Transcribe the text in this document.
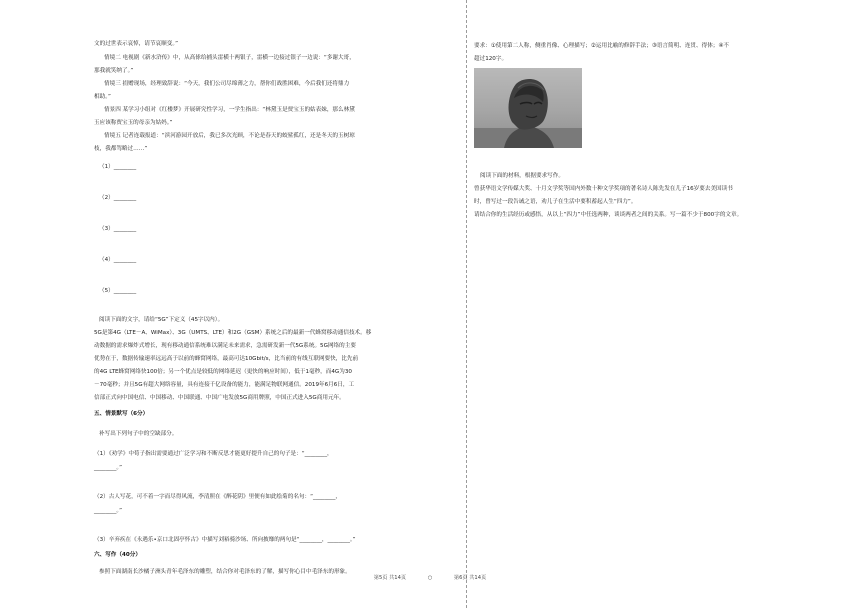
文的过世表示哀悼，请节哀顺变。”
情境二 电视剧《新水浒传》中，从高俅给捕头雷横十两银子，雷横一边接过银子一边说：“多谢大哥，
那我就笑纳了。”
情境三 捐赠现场，经理致辞说：“今天，我们公司尽绵薄之力，帮你们战胜困难，今后我们还将鼎力
相助。”
情景四 某学习小组对《红楼梦》开展研究性学习，一学生指出：“林黛玉是贾宝玉的姑表妹，那么林黛
玉应该称贾宝玉的母亲为姑妈。”
情境五 记者连载报道：“滨河游园开放后，我已多次光顾，不论是春天的蛟鲨孤红，还是冬天的玉树琼
枝，我都驾略过……”
（1）________
（2）________
（3）________
（4）________
（5）________
阅读下面的文字，请给“5G”下定义（45字以内）。
5G是第4G（LTE－A、WiMax）、3G（UMTS、LTE）和2G（GSM）系统之后的最新一代蜂窝移动通信技术。移
动数据的需求爆炸式增长，现有移动通信系统难以满足未来需求，急需研发新一代5G系统。5G网络的主要
优势在于，数据传输速率远远高于以前的蜂窝网络，最高可达10Gbit/s，比当前的有线互联网要快，比先前
的4G LTE蜂窝网络快100倍；另一个优点是较低的网络延迟（更快的响应时间），低于1毫秒，而4G为30
－70毫秒；并且5G有超大网络容量，具有连接千亿设备的能力，能满足物联网通信。2019年6月6日，工
信部正式向中国电信、中国移动、中国联通、中国广电发放5G商用牌照，中国正式进入5G商用元年。
五、情景默写（6分）
补写出下列句子中的空缺部分。
（1）《劝学》中荀子指出需要通过广泛学习和不断反思才能更好提升自己的句子是：“________，
________。”
（2）古人写花，可不着一字而尽得风流，李清照在《醉花阴》里便有如此绘菊的名句：“________，
________。”
（3）辛弃疾在《永遇乐•京口北固亭怀古》中描写刘裕骑沙场、所向披靡的两句是“________，________。”
六、写作（40分）
参照下面湖南长沙橘子洲头青年毛泽东的雕塑，结合你对毛泽东的了解，描写你心目中毛泽东的形象。
要求：①使用第二人称，侧重肖像、心理描写；②运用比喻的修辞手法；③语言简明、连贯、得体；④不
超过120字。
阅读下面的材料，根据要求写作。
曾获华语文学传媒大奖、十月文学奖等国内外数十种文学奖项的著名诗人陈先发在儿子16岁要去美国读书
时，曾写过一段告诫之语，劝儿子在生活中要积蓄起人生“四力”。
请结合你的生活经历或感悟，从以上“四力”中任选两种，谈谈两者之间的关系。写一篇不少于800字的文章。
第5页 共14页	○	第6页 共14页
